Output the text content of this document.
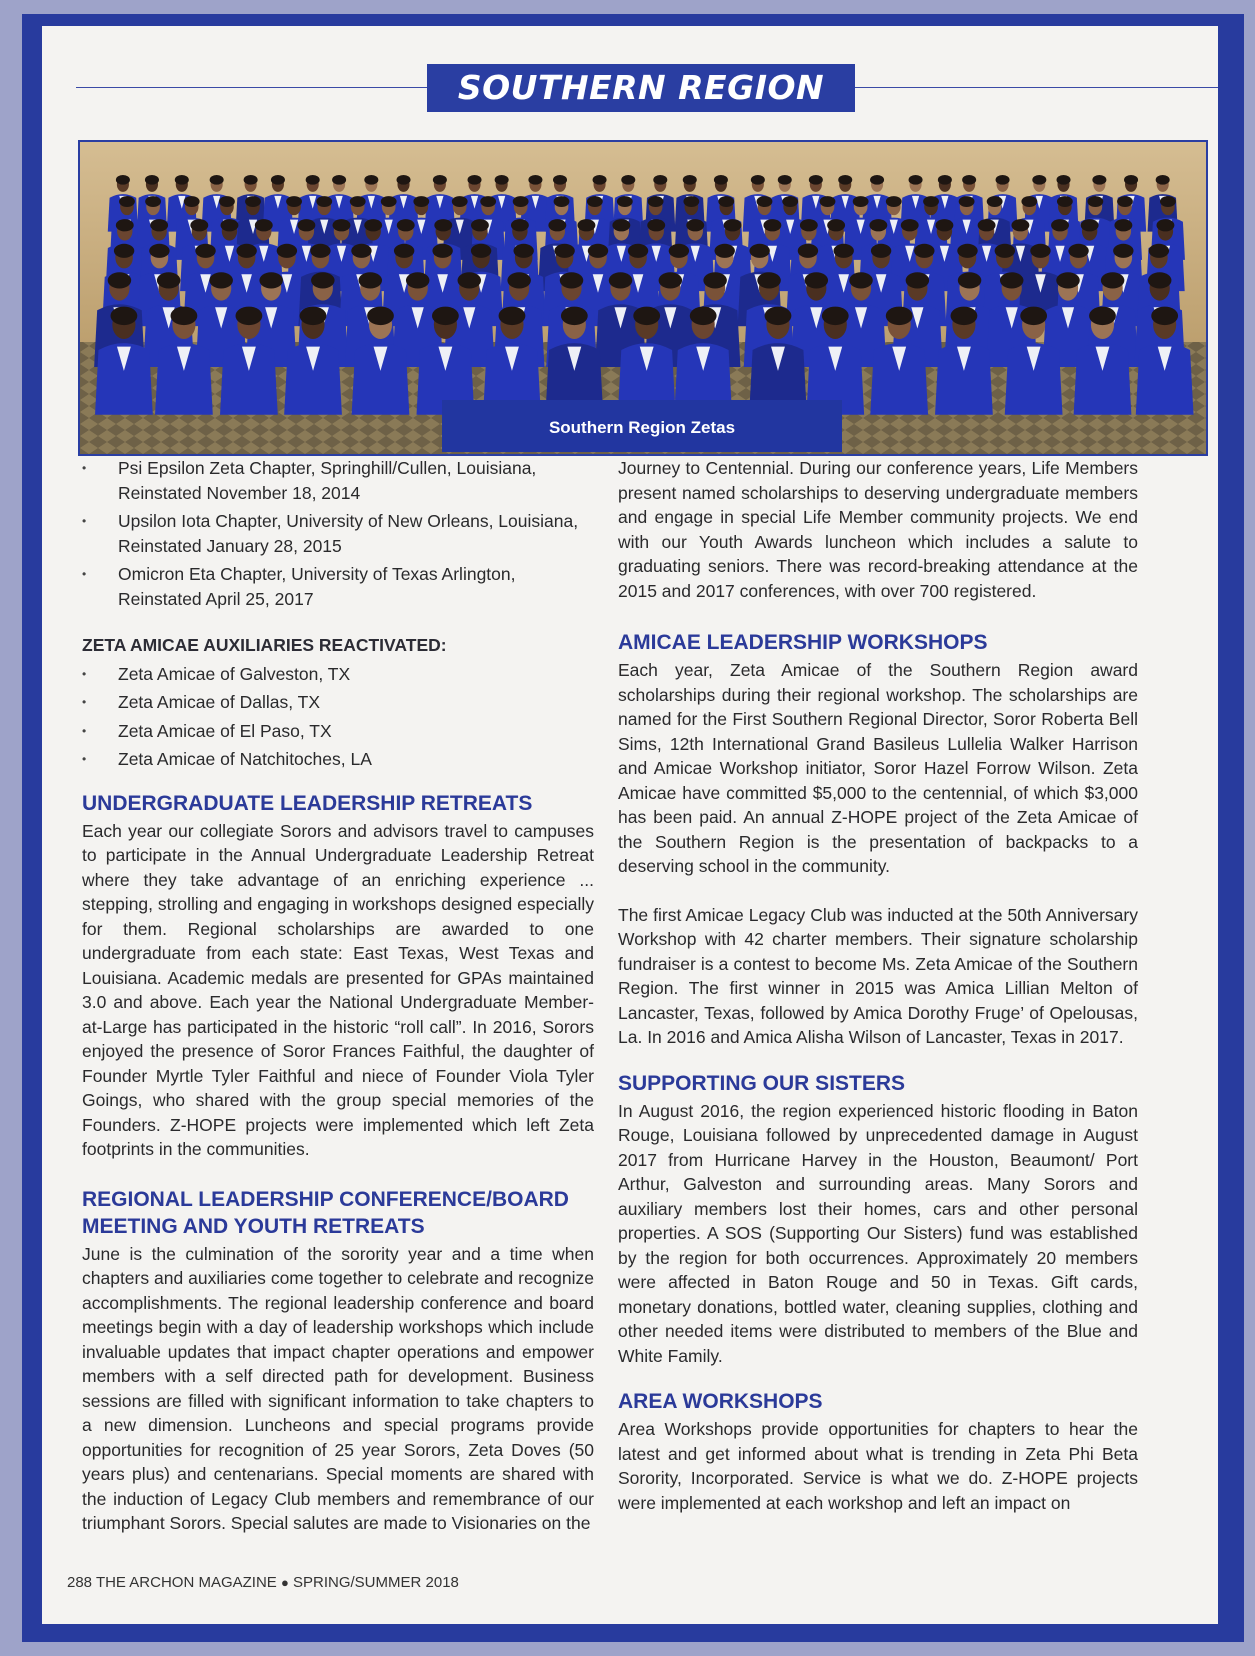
SOUTHERN REGION
Southern Region Zetas
• Psi Epsilon Zeta Chapter, Springhill/Cullen, Louisiana, Reinstated November 18, 2014
• Upsilon Iota Chapter, University of New Orleans, Louisiana, Reinstated January 28, 2015
• Omicron Eta Chapter, University of Texas Arlington, Reinstated April 25, 2017
ZETA AMICAE AUXILIARIES REACTIVATED:
• Zeta Amicae of Galveston, TX
• Zeta Amicae of Dallas, TX
• Zeta Amicae of El Paso, TX
• Zeta Amicae of Natchitoches, LA
UNDERGRADUATE LEADERSHIP RETREATS

Each year our collegiate Sorors and advisors travel to campuses to participate in the Annual Undergraduate Leadership Retreat where they take advantage of an enriching experience ... stepping, strolling and engaging in workshops designed especially for them. Regional scholarships are awarded to one undergraduate from each state: East Texas, West Texas and Louisiana. Academic medals are presented for GPAs maintained 3.0 and above. Each year the National Undergraduate Member-at-Large has participated in the historic “roll call”. In 2016, Sorors enjoyed the presence of Soror Frances Faithful, the daughter of Founder Myrtle Tyler Faithful and niece of Founder Viola Tyler Goings, who shared with the group special memories of the Founders. Z-HOPE projects were implemented which left Zeta footprints in the communities.

REGIONAL LEADERSHIP CONFERENCE/BOARD MEETING AND YOUTH RETREATS

June is the culmination of the sorority year and a time when chapters and auxiliaries come together to celebrate and recognize accomplishments. The regional leadership conference and board meetings begin with a day of leadership workshops which include invaluable updates that impact chapter operations and empower members with a self directed path for development. Business sessions are filled with significant information to take chapters to a new dimension. Luncheons and special programs provide opportunities for recognition of 25 year Sorors, Zeta Doves (50 years plus) and centenarians. Special moments are shared with the induction of Legacy Club members and remembrance of our triumphant Sorors. Special salutes are made to Visionaries on the

Journey to Centennial. During our conference years, Life Members present named scholarships to deserving undergraduate members and engage in special Life Member community projects. We end with our Youth Awards luncheon which includes a salute to graduating seniors. There was record-breaking attendance at the 2015 and 2017 conferences, with over 700 registered.

AMICAE LEADERSHIP WORKSHOPS

Each year, Zeta Amicae of the Southern Region award scholarships during their regional workshop. The scholarships are named for the First Southern Regional Director, Soror Roberta Bell Sims, 12th International Grand Basileus Lullelia Walker Harrison and Amicae Workshop initiator, Soror Hazel Forrow Wilson. Zeta Amicae have committed $5,000 to the centennial, of which $3,000 has been paid. An annual Z-HOPE project of the Zeta Amicae of the Southern Region is the presentation of backpacks to a deserving school in the community.

The first Amicae Legacy Club was inducted at the 50th Anniversary Workshop with 42 charter members. Their signature scholarship fundraiser is a contest to become Ms. Zeta Amicae of the Southern Region. The first winner in 2015 was Amica Lillian Melton of Lancaster, Texas, followed by Amica Dorothy Fruge’ of Opelousas, La. In 2016 and Amica Alisha Wilson of Lancaster, Texas in 2017.

SUPPORTING OUR SISTERS

In August 2016, the region experienced historic flooding in Baton Rouge, Louisiana followed by unprecedented damage in August 2017 from Hurricane Harvey in the Houston, Beaumont/ Port Arthur, Galveston and surrounding areas. Many Sorors and auxiliary members lost their homes, cars and other personal properties. A SOS (Supporting Our Sisters) fund was established by the region for both occurrences. Approximately 20 members were affected in Baton Rouge and 50 in Texas. Gift cards, monetary donations, bottled water, cleaning supplies, clothing and other needed items were distributed to members of the Blue and White Family.

AREA WORKSHOPS

Area Workshops provide opportunities for chapters to hear the latest and get informed about what is trending in Zeta Phi Beta Sorority, Incorporated. Service is what we do. Z-HOPE projects were implemented at each workshop and left an impact on

288 THE ARCHON MAGAZINE ● SPRING/SUMMER 2018
